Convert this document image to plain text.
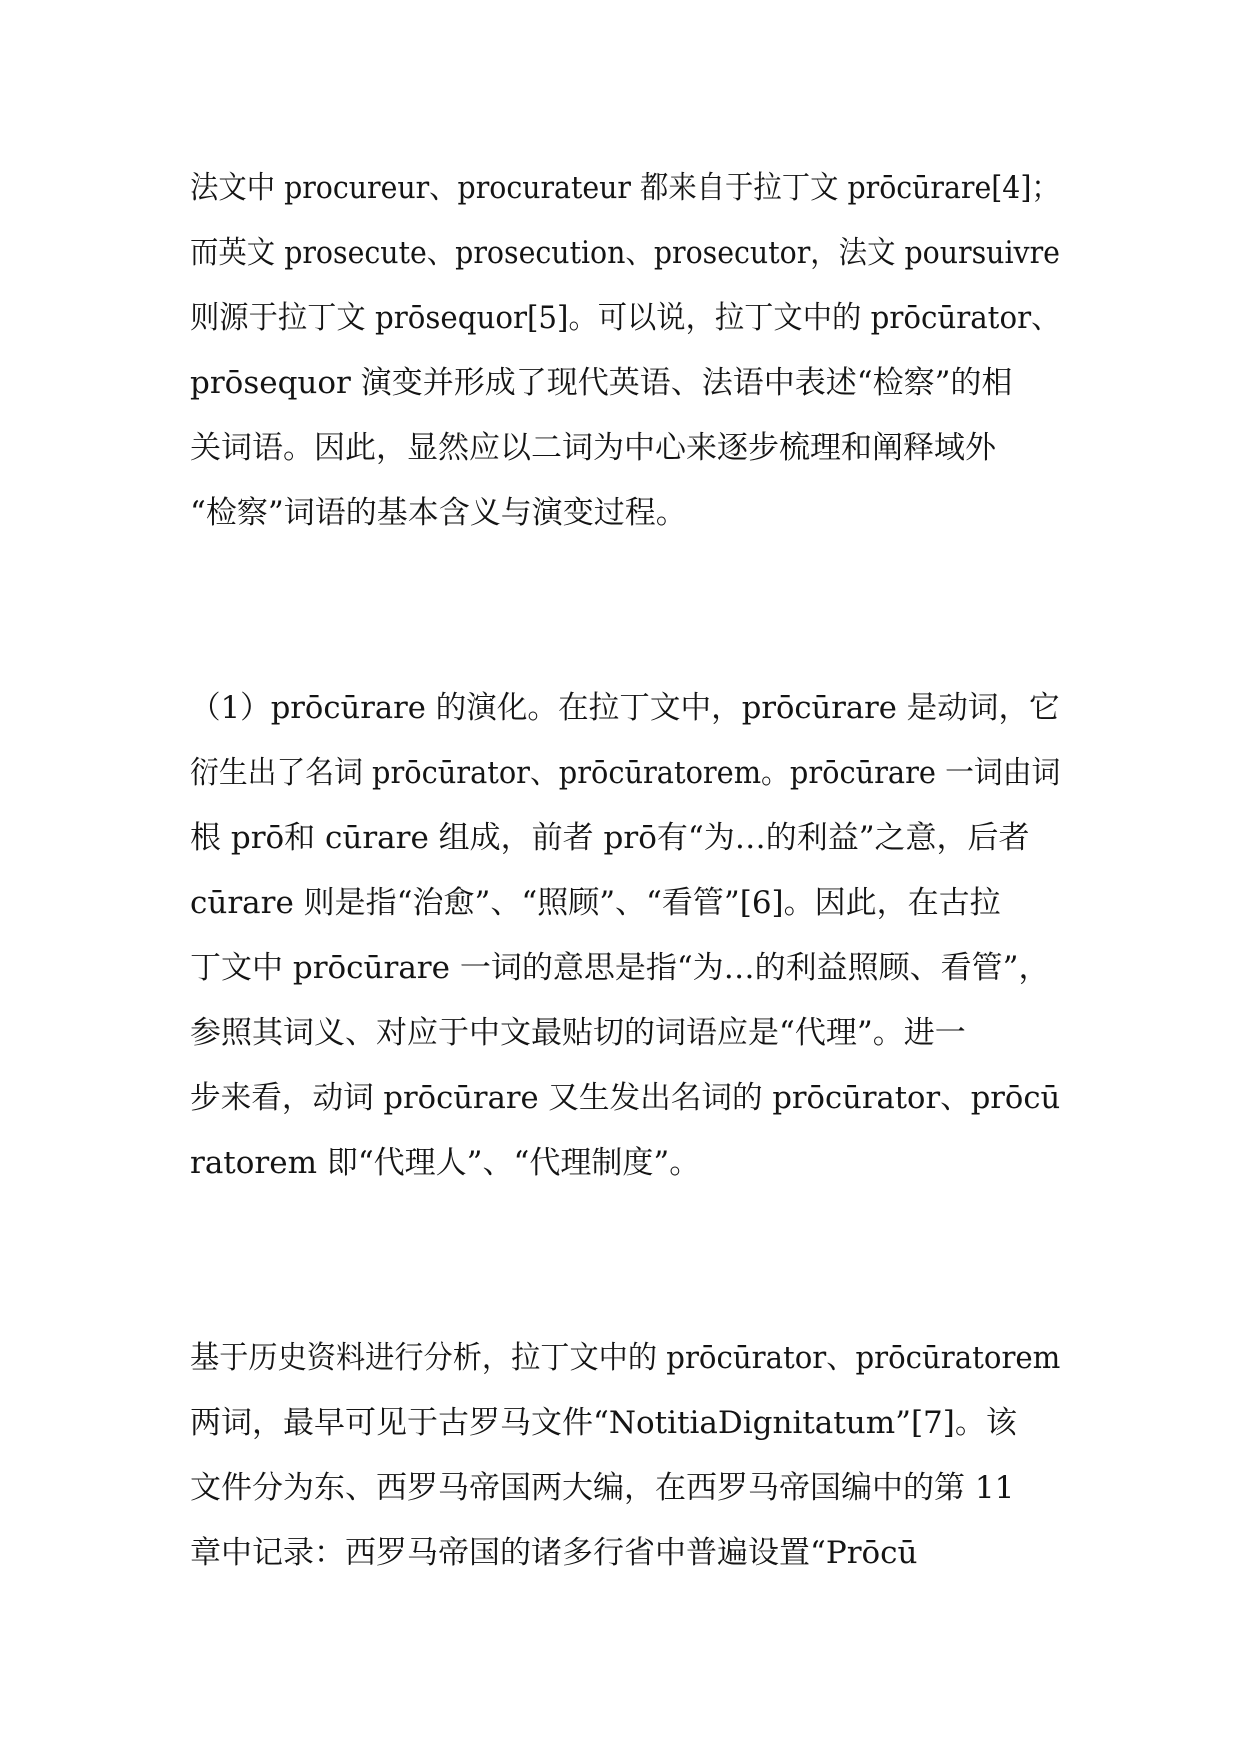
法文中 procureur、procurateur 都来自于拉丁文 prōcūrare[4]；
而英文 prosecute、prosecution、prosecutor，法文 poursuivre
则源于拉丁文 prōsequor[5]。可以说，拉丁文中的 prōcūrator、
prōsequor 演变并形成了现代英语、法语中表述“检察”的相
关词语。因此，显然应以二词为中心来逐步梳理和阐释域外
“检察”词语的基本含义与演变过程。
（1）prōcūrare 的演化。在拉丁文中，prōcūrare 是动词，它
衍生出了名词 prōcūrator、prōcūratorem。prōcūrare 一词由词
根 prō和 cūrare 组成，前者 prō有“为…的利益”之意，后者
cūrare 则是指“治愈”、“照顾”、“看管”[6]。因此，在古拉
丁文中 prōcūrare 一词的意思是指“为…的利益照顾、看管”，
参照其词义、对应于中文最贴切的词语应是“代理”。进一
步来看，动词 prōcūrare 又生发出名词的 prōcūrator、prōcū
ratorem 即“代理人”、“代理制度”。
基于历史资料进行分析，拉丁文中的 prōcūrator、prōcūratorem
两词，最早可见于古罗马文件“NotitiaDignitatum”[7]。该
文件分为东、西罗马帝国两大编，在西罗马帝国编中的第 11
章中记录：西罗马帝国的诸多行省中普遍设置“Prōcū
